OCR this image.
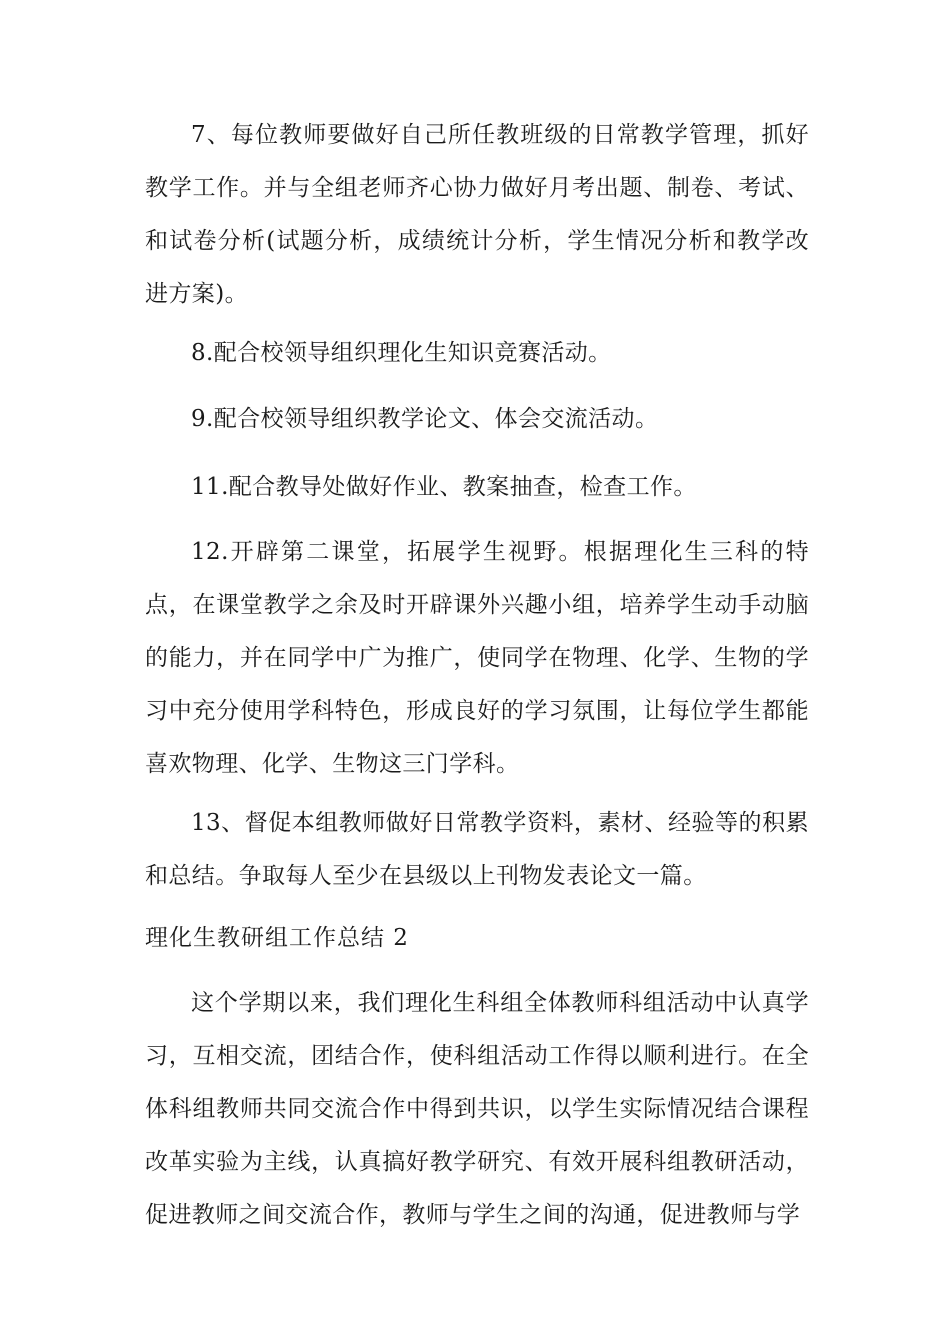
7、每位教师要做好自己所任教班级的日常教学管理，抓好教学工作。并与全组老师齐心协力做好月考出题、制卷、考试、和试卷分析(试题分析，成绩统计分析，学生情况分析和教学改进方案)。

8.配合校领导组织理化生知识竞赛活动。

9.配合校领导组织教学论文、体会交流活动。

11.配合教导处做好作业、教案抽查，检查工作。

12.开辟第二课堂，拓展学生视野。根据理化生三科的特点，在课堂教学之余及时开辟课外兴趣小组，培养学生动手动脑的能力，并在同学中广为推广，使同学在物理、化学、生物的学习中充分使用学科特色，形成良好的学习氛围，让每位学生都能喜欢物理、化学、生物这三门学科。

13、督促本组教师做好日常教学资料，素材、经验等的积累和总结。争取每人至少在县级以上刊物发表论文一篇。

理化生教研组工作总结 2

这个学期以来，我们理化生科组全体教师科组活动中认真学习，互相交流，团结合作，使科组活动工作得以顺利进行。在全体科组教师共同交流合作中得到共识，以学生实际情况结合课程改革实验为主线，认真搞好教学研究、有效开展科组教研活动，促进教师之间交流合作，教师与学生之间的沟通，促进教师与学
